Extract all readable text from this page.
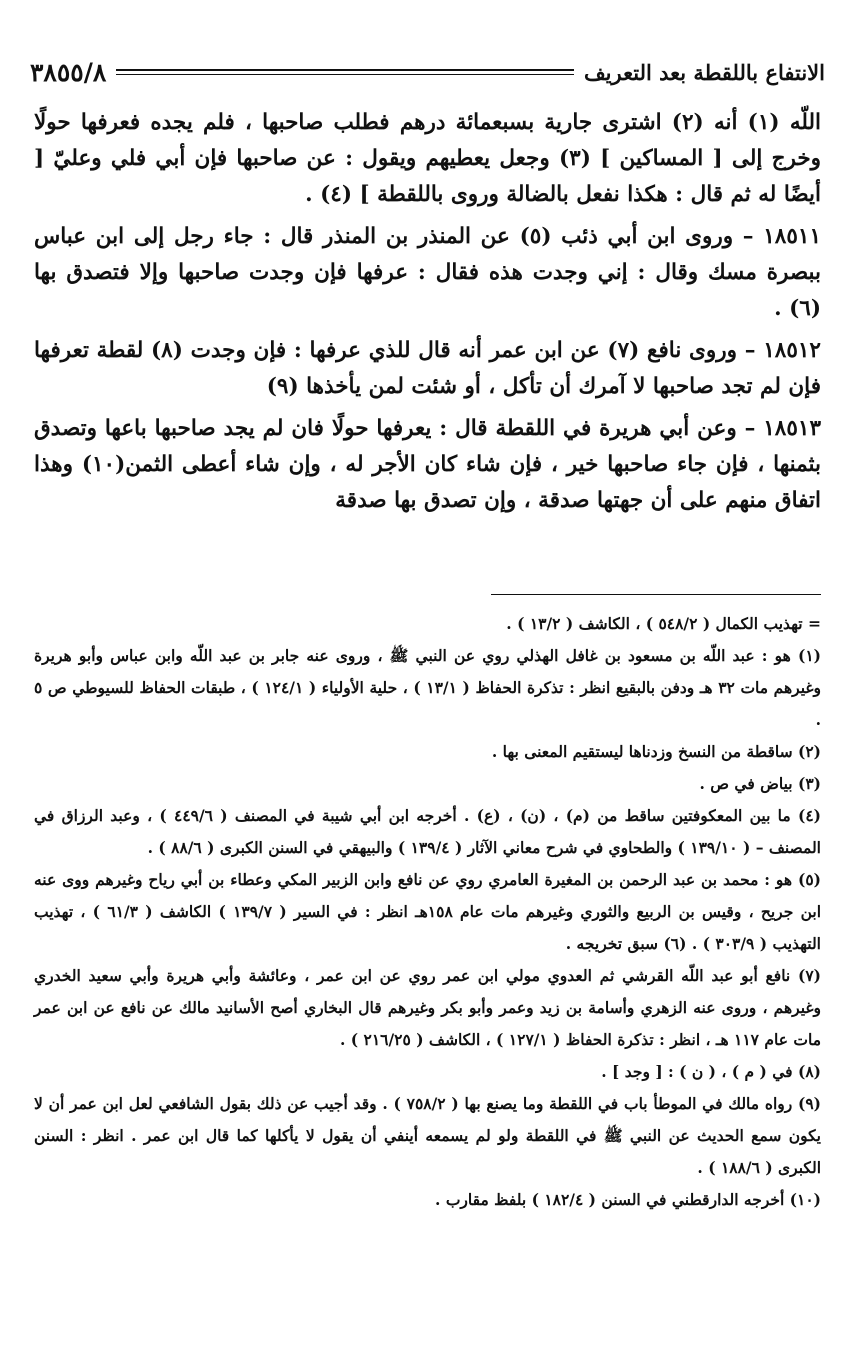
الانتفاع باللقطة بعد التعريف
٣٨٥٥/٨

اللّه (١) أنه (٢) اشترى جارية بسبعمائة درهم فطلب صاحبها ، فلم يجده فعرفها حولًا وخرج إلى [ المساكين ] (٣) وجعل يعطيهم ويقول : عن صاحبها فإن أبي فلي وعليّ [ أيضًا له ثم قال : هكذا نفعل بالضالة وروى باللقطة ] (٤) .

١٨٥١١ – وروى ابن أبي ذئب (٥) عن المنذر بن المنذر قال : جاء رجل إلى ابن عباس ببصرة مسك وقال : إني وجدت هذه فقال : عرفها فإن وجدت صاحبها وإلا فتصدق بها (٦) .

١٨٥١٢ – وروى نافع (٧) عن ابن عمر أنه قال للذي عرفها : فإن وجدت (٨) لقطة تعرفها فإن لم تجد صاحبها لا آمرك أن تأكل ، أو شئت لمن يأخذها (٩)

١٨٥١٣ – وعن أبي هريرة في اللقطة قال : يعرفها حولًا فان لم يجد صاحبها باعها وتصدق بثمنها ، فإن جاء صاحبها خير ، فإن شاء كان الأجر له ، وإن شاء أعطى الثمن(١٠) وهذا اتفاق منهم على أن جهتها صدقة ، وإن تصدق بها صدقة

= تهذيب الكمال ( ٥٤٨/٢ ) ، الكاشف ( ١٣/٢ ) .

(١) هو : عبد اللّه بن مسعود بن غافل الهذلي روي عن النبي ﷺ ، وروى عنه جابر بن عبد اللّه وابن عباس وأبو هريرة وغيرهم مات ٣٢ هـ ودفن بالبقيع انظر : تذكرة الحفاظ ( ١٣/١ ) ، حلية الأولياء ( ١٢٤/١ ) ، طبقات الحفاظ للسيوطي ص ٥ .

(٢) ساقطة من النسخ وزدناها ليستقيم المعنى بها .

(٣) بياض في ص .

(٤) ما بين المعكوفتين ساقط من (م) ، (ن) ، (ع) . أخرجه ابن أبي شيبة في المصنف ( ٤٤٩/٦ ) ، وعبد الرزاق في المصنف – ( ١٣٩/١٠ ) والطحاوي في شرح معاني الآثار ( ١٣٩/٤ ) والبيهقي في السنن الكبرى ( ٨٨/٦ ) .

(٥) هو : محمد بن عبد الرحمن بن المغيرة العامري روي عن نافع وابن الزبير المكي وعطاء بن أبي رياح وغيرهم ووى عنه ابن جريح ، وقيس بن الربيع والثوري وغيرهم مات عام ١٥٨هـ انظر : في السير ( ١٣٩/٧ ) الكاشف ( ٦١/٣ ) ، تهذيب التهذيب ( ٣٠٣/٩ ) . (٦) سبق تخريجه .

(٧) نافع أبو عبد اللّه القرشي ثم العدوي مولي ابن عمر روي عن ابن عمر ، وعائشة وأبي هريرة وأبي سعيد الخدري وغيرهم ، وروى عنه الزهري وأسامة بن زيد وعمر وأبو بكر وغيرهم قال البخاري أصح الأسانيد مالك عن نافع عن ابن عمر مات عام ١١٧ هـ ، انظر : تذكرة الحفاظ ( ١٢٧/١ ) ، الكاشف ( ٢١٦/٢٥ ) .

(٨) في ( م ) ، ( ن ) : [ وجد ] .

(٩) رواه مالك في الموطأ باب في اللقطة وما يصنع بها ( ٧٥٨/٢ ) . وقد أجيب عن ذلك بقول الشافعي لعل ابن عمر أن لا يكون سمع الحديث عن النبي ﷺ في اللقطة ولو لم يسمعه أينفي أن يقول لا يأكلها كما قال ابن عمر . انظر : السنن الكبرى ( ١٨٨/٦ ) .

(١٠) أخرجه الدارقطني في السنن ( ١٨٢/٤ ) بلفظ مقارب .
